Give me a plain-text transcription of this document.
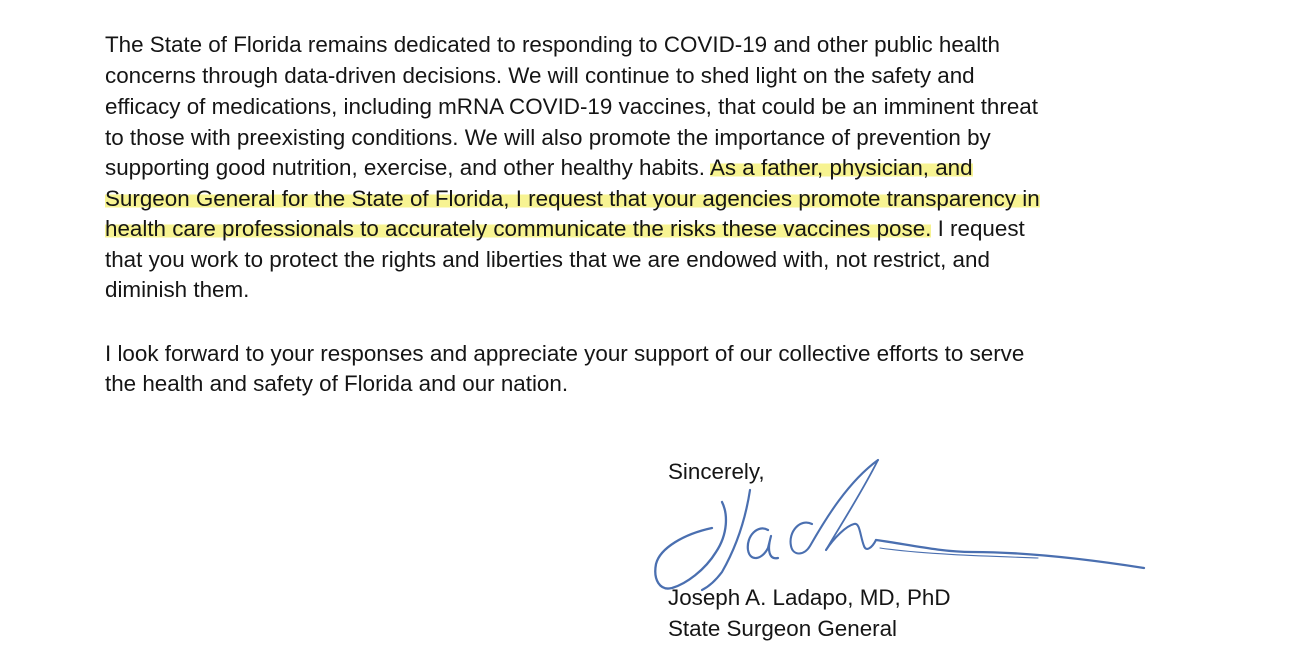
The State of Florida remains dedicated to responding to COVID-19 and other public health
concerns through data-driven decisions. We will continue to shed light on the safety and
efficacy of medications, including mRNA COVID-19 vaccines, that could be an imminent threat
to those with preexisting conditions. We will also promote the importance of prevention by
supporting good nutrition, exercise, and other healthy habits. As a father, physician, and
Surgeon General for the State of Florida, I request that your agencies promote transparency in
health care professionals to accurately communicate the risks these vaccines pose. I request
that you work to protect the rights and liberties that we are endowed with, not restrict, and
diminish them.
I look forward to your responses and appreciate your support of our collective efforts to serve
the health and safety of Florida and our nation.
Sincerely,
Joseph A. Ladapo, MD, PhD
State Surgeon General
